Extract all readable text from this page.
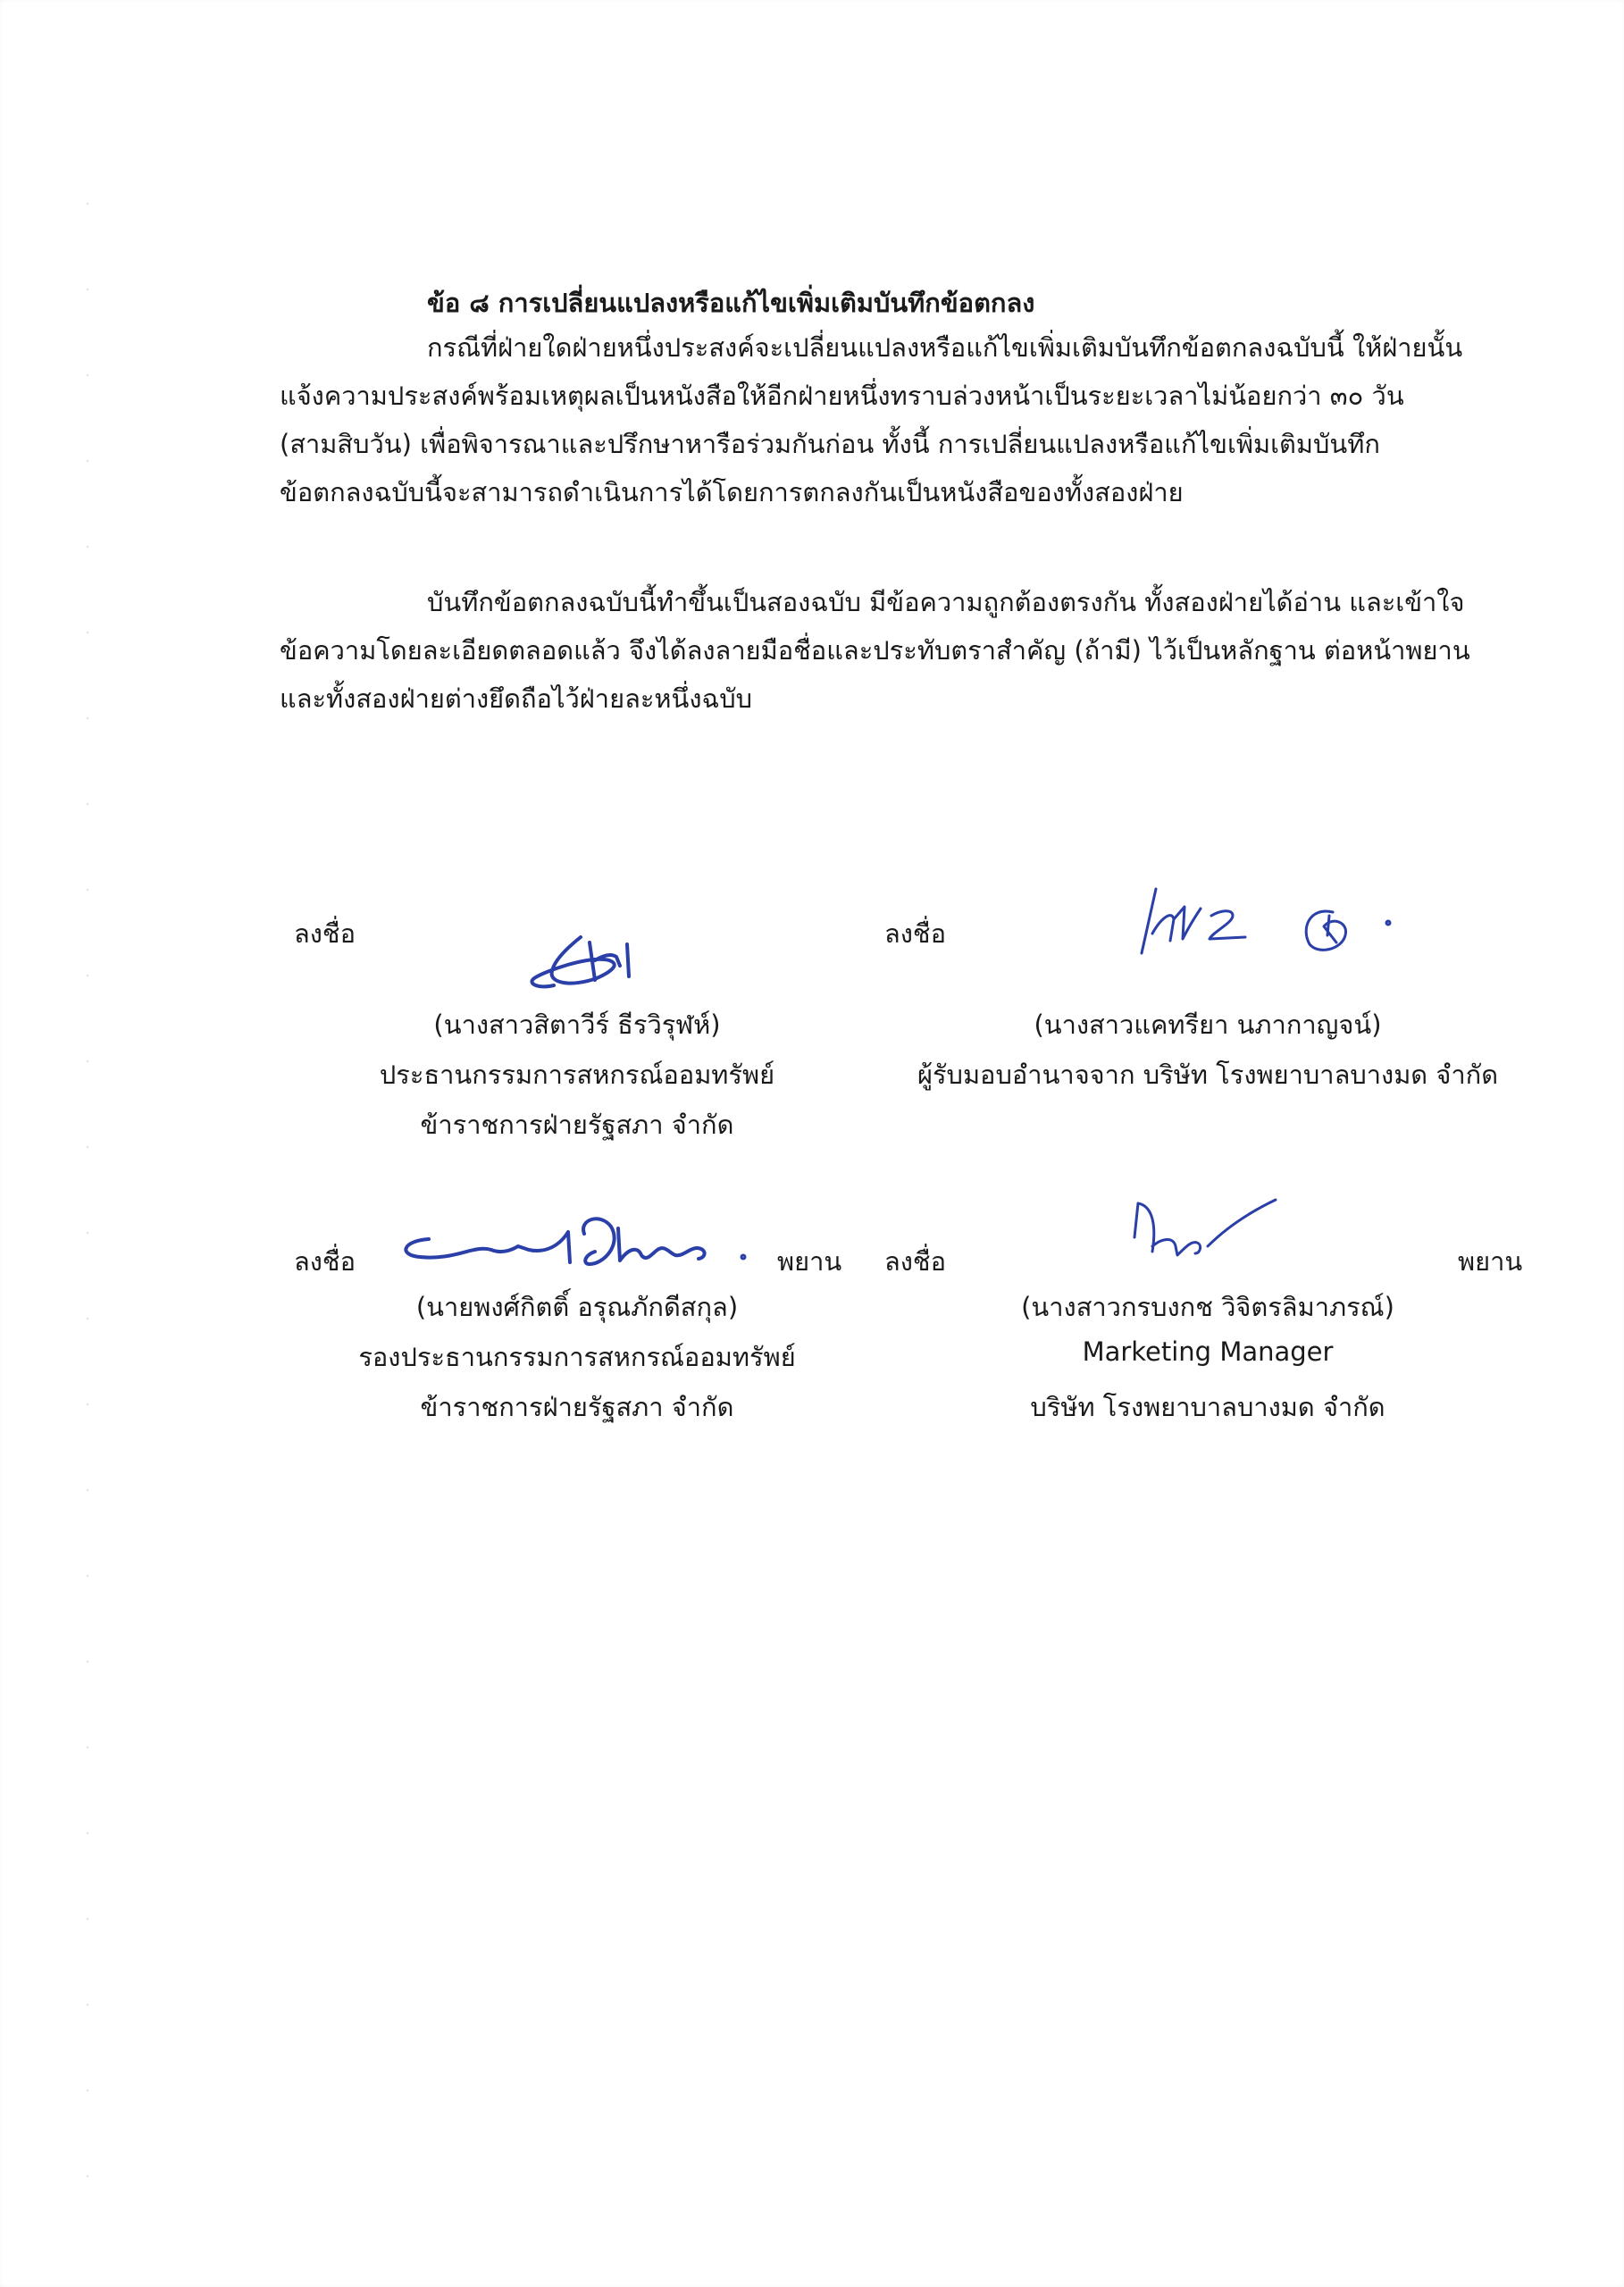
ข้อ ๘ การเปลี่ยนแปลงหรือแก้ไขเพิ่มเติมบันทึกข้อตกลง

กรณีที่ฝ่ายใดฝ่ายหนึ่งประสงค์จะเปลี่ยนแปลงหรือแก้ไขเพิ่มเติมบันทึกข้อตกลงฉบับนี้ ให้ฝ่ายนั้น
แจ้งความประสงค์พร้อมเหตุผลเป็นหนังสือให้อีกฝ่ายหนึ่งทราบล่วงหน้าเป็นระยะเวลาไม่น้อยกว่า ๓๐ วัน
(สามสิบวัน) เพื่อพิจารณาและปรึกษาหารือร่วมกันก่อน ทั้งนี้ การเปลี่ยนแปลงหรือแก้ไขเพิ่มเติมบันทึก
ข้อตกลงฉบับนี้จะสามารถดำเนินการได้โดยการตกลงกันเป็นหนังสือของทั้งสองฝ่าย

บันทึกข้อตกลงฉบับนี้ทำขึ้นเป็นสองฉบับ มีข้อความถูกต้องตรงกัน ทั้งสองฝ่ายได้อ่าน และเข้าใจ
ข้อความโดยละเอียดตลอดแล้ว จึงได้ลงลายมือชื่อและประทับตราสำคัญ (ถ้ามี) ไว้เป็นหลักฐาน ต่อหน้าพยาน
และทั้งสองฝ่ายต่างยึดถือไว้ฝ่ายละหนึ่งฉบับ

ลงชื่อ
(นางสาวสิตาวีร์ ธีรวิรุฬห์)
ประธานกรรมการสหกรณ์ออมทรัพย์
ข้าราชการฝ่ายรัฐสภา จำกัด
ลงชื่อ
(นางสาวแคทรียา นภากาญจน์)
ผู้รับมอบอำนาจจาก บริษัท โรงพยาบาลบางมด จำกัด
ลงชื่อ	พยาน
(นายพงศ์กิตติ์ อรุณภักดีสกุล)
รองประธานกรรมการสหกรณ์ออมทรัพย์
ข้าราชการฝ่ายรัฐสภา จำกัด
ลงชื่อ	พยาน
(นางสาวกรบงกช วิจิตรลิมาภรณ์)
Marketing Manager
บริษัท โรงพยาบาลบางมด จำกัด
